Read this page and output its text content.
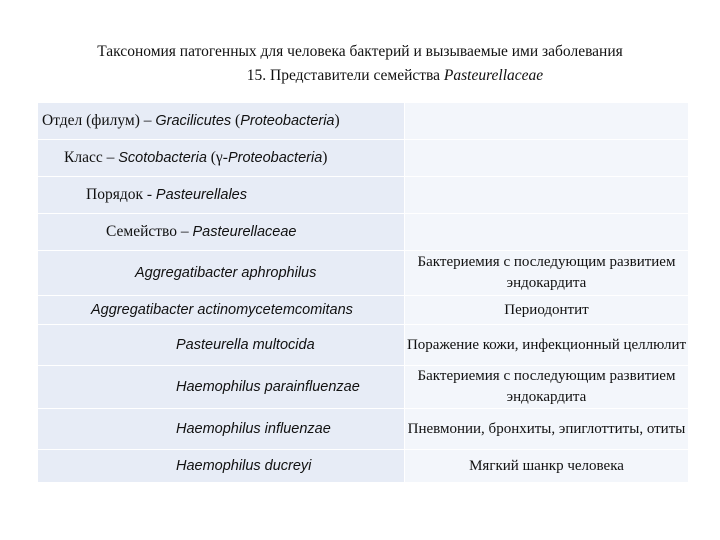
Таксономия патогенных для человека бактерий и вызываемые ими заболевания
15. Представители семейства Pasteurellaceae
Отдел (филум) – Gracilicutes (Proteobacteria)	

Класс – Scotobacteria (γ-Proteobacteria)	

Порядок - Pasteurellales	

Семейство – Pasteurellaceae	

Aggregatibacter aphrophilus	Бактериемия с последующим развитием эндокардита

Aggregatibacter actinomycetemcomitans	Периодонтит

Pasteurella multocida	Поражение кожи, инфекционный целлюлит

Haemophilus parainfluenzae	Бактериемия с последующим развитием эндокардита

Haemophilus influenzae	Пневмонии, бронхиты, эпиглоттиты, отиты

Haemophilus ducreyi	Мягкий шанкр человека
